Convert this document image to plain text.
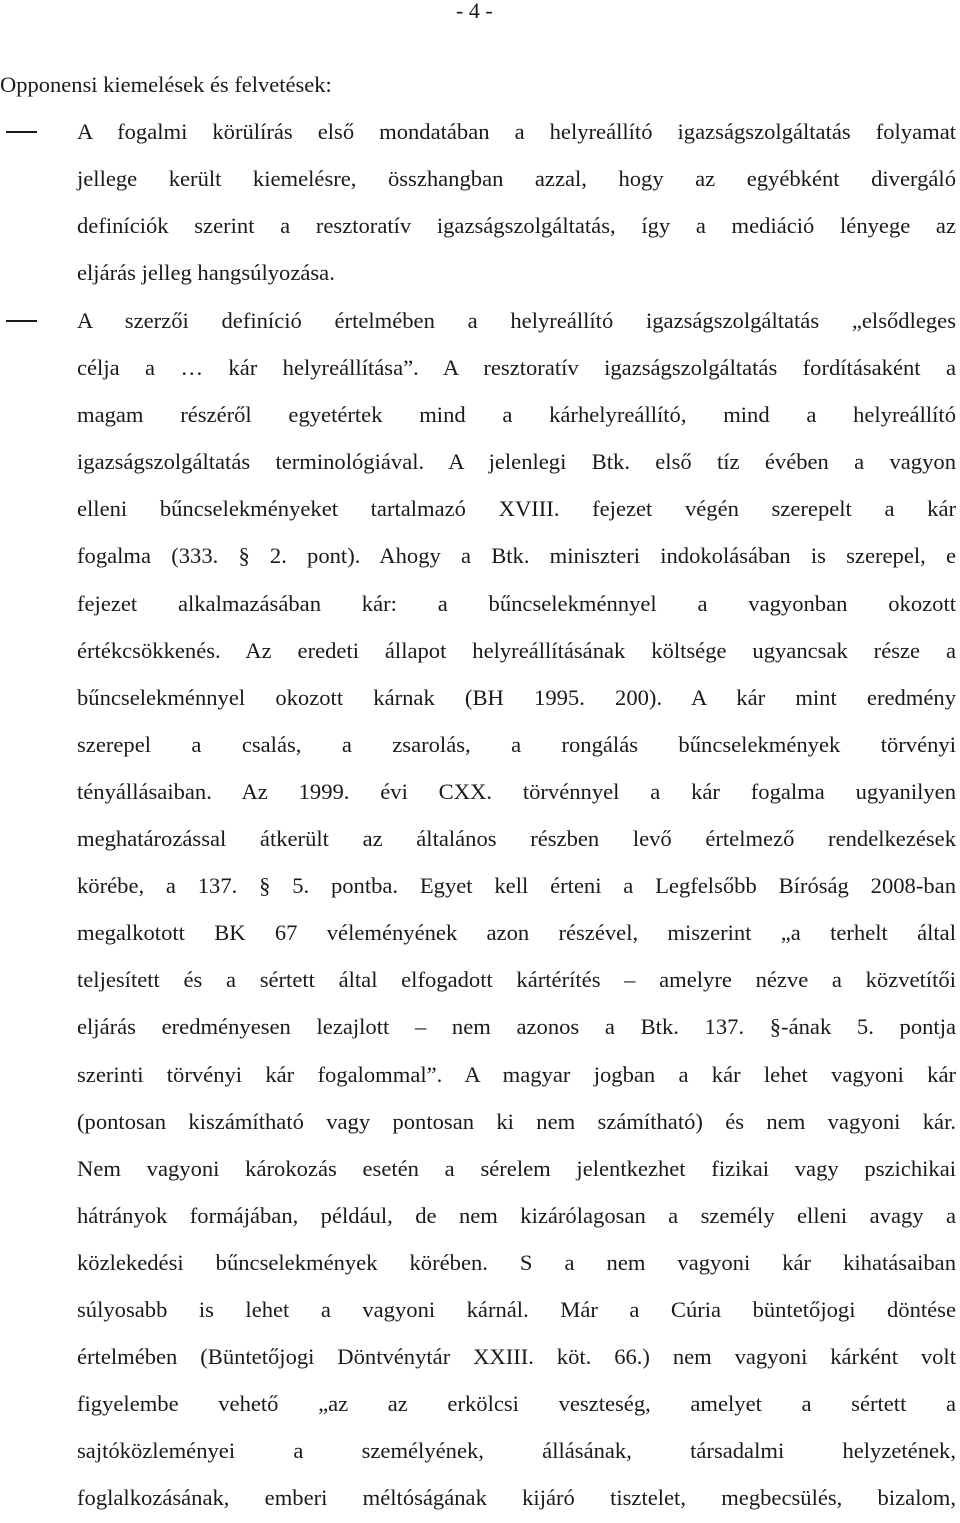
- 4 -
Opponensi kiemelések és felvetések:
A fogalmi körülírás első mondatában a helyreállító igazságszolgáltatás folyamat
jellege került kiemelésre, összhangban azzal, hogy az egyébként divergáló
definíciók szerint a resztoratív igazságszolgáltatás, így a mediáció lényege az
eljárás jelleg hangsúlyozása.
A szerzői definíció értelmében a helyreállító igazságszolgáltatás „elsődleges
célja a … kár helyreállítása”. A resztoratív igazságszolgáltatás fordításaként a
magam részéről egyetértek mind a kárhelyreállító, mind a helyreállító
igazságszolgáltatás terminológiával. A jelenlegi Btk. első tíz évében a vagyon
elleni bűncselekményeket tartalmazó XVIII. fejezet végén szerepelt a kár
fogalma (333. § 2. pont). Ahogy a Btk. miniszteri indokolásában is szerepel, e
fejezet alkalmazásában kár: a bűncselekménnyel a vagyonban okozott
értékcsökkenés. Az eredeti állapot helyreállításának költsége ugyancsak része a
bűncselekménnyel okozott kárnak (BH 1995. 200). A kár mint eredmény
szerepel a csalás, a zsarolás, a rongálás bűncselekmények törvényi
tényállásaiban. Az 1999. évi CXX. törvénnyel a kár fogalma ugyanilyen
meghatározással átkerült az általános részben levő értelmező rendelkezések
körébe, a 137. § 5. pontba. Egyet kell érteni a Legfelsőbb Bíróság 2008-ban
megalkotott BK 67 véleményének azon részével, miszerint „a terhelt által
teljesített és a sértett által elfogadott kártérítés – amelyre nézve a közvetítői
eljárás eredményesen lezajlott – nem azonos a Btk. 137. §-ának 5. pontja
szerinti törvényi kár fogalommal”. A magyar jogban a kár lehet vagyoni kár
(pontosan kiszámítható vagy pontosan ki nem számítható) és nem vagyoni kár.
Nem vagyoni károkozás esetén a sérelem jelentkezhet fizikai vagy pszichikai
hátrányok formájában, például, de nem kizárólagosan a személy elleni avagy a
közlekedési bűncselekmények körében. S a nem vagyoni kár kihatásaiban
súlyosabb is lehet a vagyoni kárnál. Már a Cúria büntetőjogi döntése
értelmében (Büntetőjogi Döntvénytár XXIII. köt. 66.) nem vagyoni kárként volt
figyelembe vehető „az az erkölcsi veszteség, amelyet a sértett a
sajtóközleményei a személyének, állásának, társadalmi helyzetének,
foglalkozásának, emberi méltóságának kijáró tisztelet, megbecsülés, bizalom,
